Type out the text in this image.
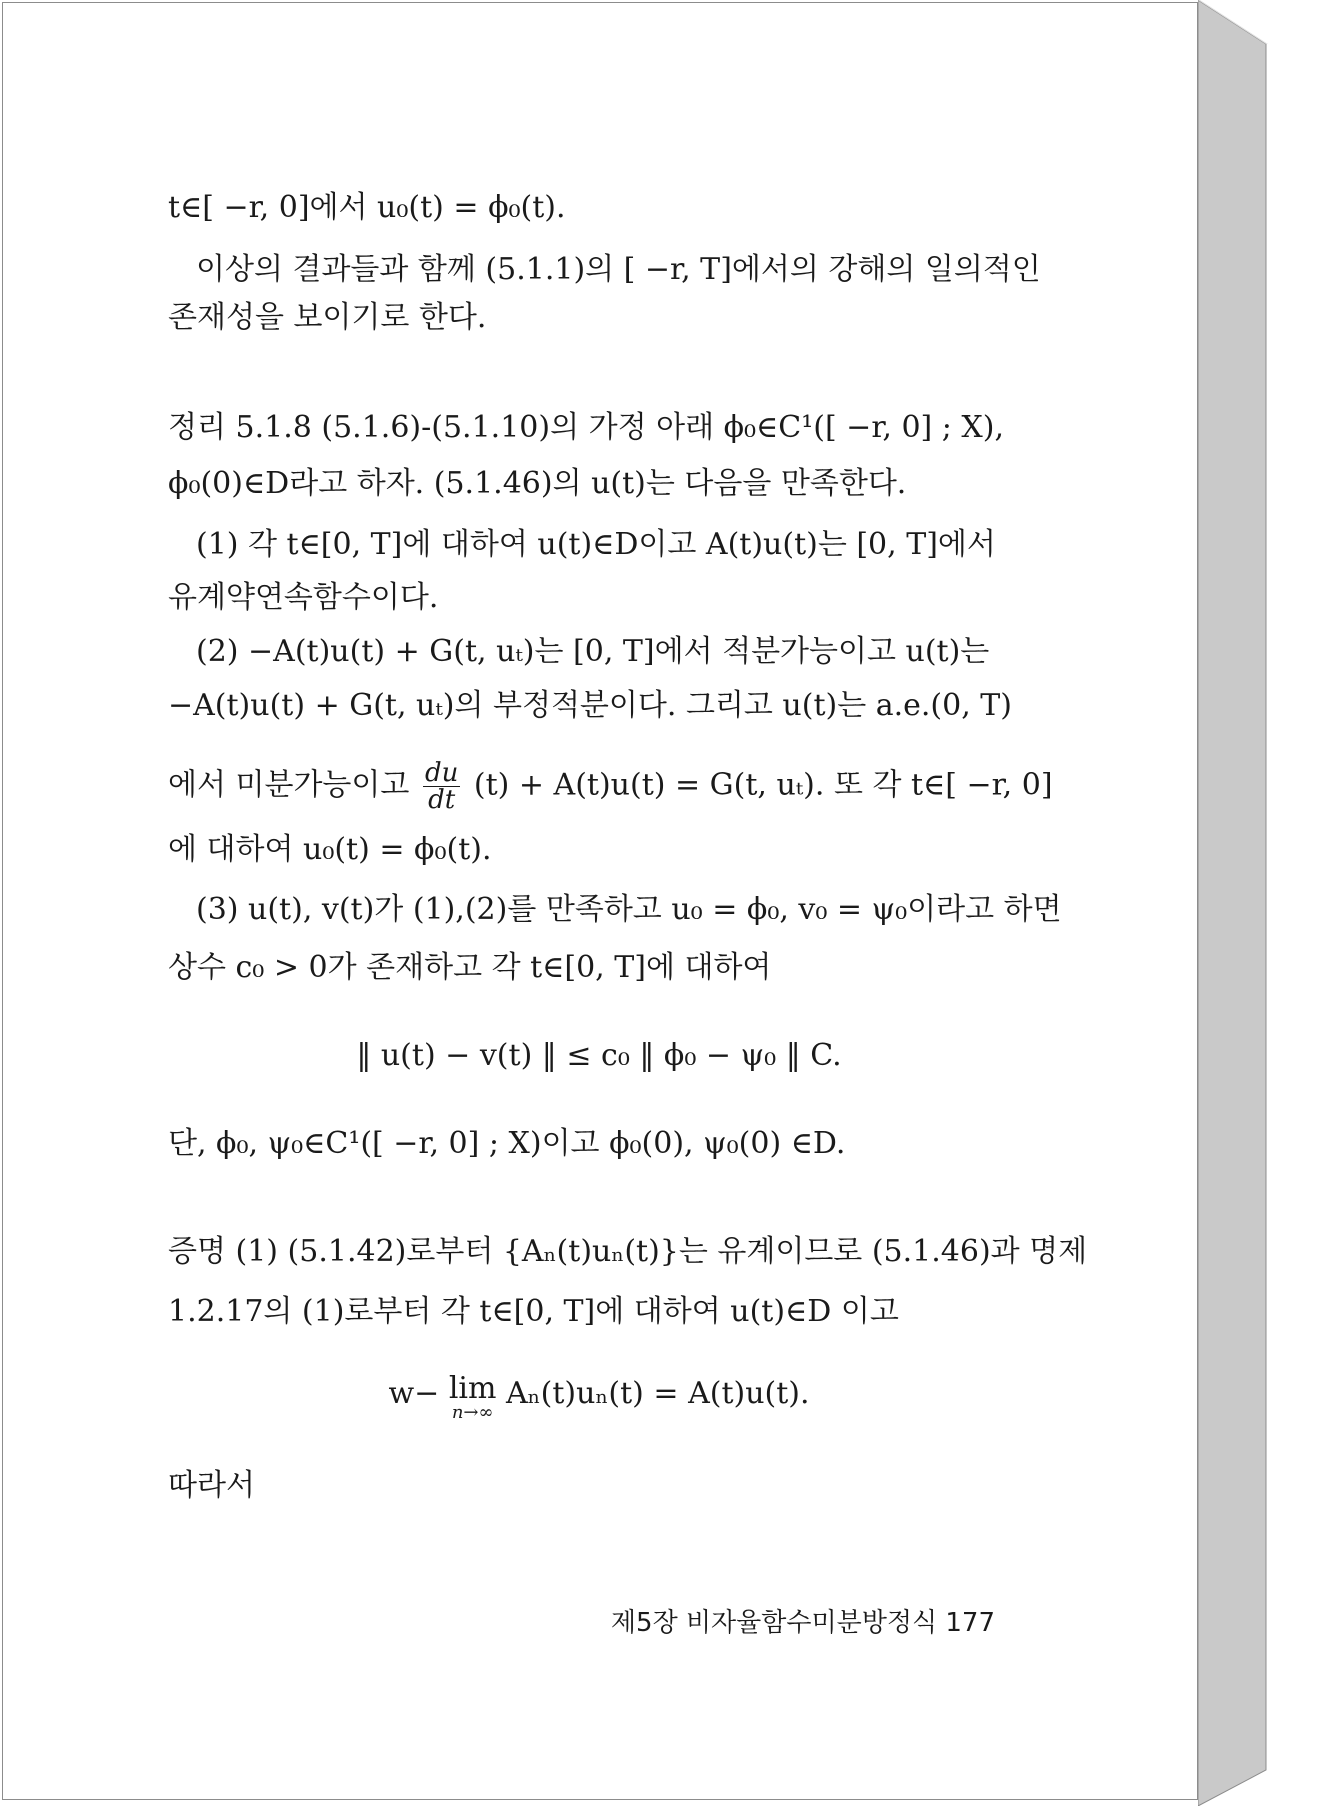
t∈[ −r, 0]에서 u₀(t) = ϕ₀(t).
이상의 결과들과 함께 (5.1.1)의 [ −r, T]에서의 강해의 일의적인
존재성을 보이기로 한다.
정리 5.1.8 (5.1.6)-(5.1.10)의 가정 아래 ϕ₀∈C¹([ −r, 0] ; X),
ϕ₀(0)∈D라고 하자. (5.1.46)의 u(t)는 다음을 만족한다.
(1) 각 t∈[0, T]에 대하여 u(t)∈D이고 A(t)u(t)는 [0, T]에서
유계약연속함수이다.
(2) −A(t)u(t) + G(t, uₜ)는 [0, T]에서 적분가능이고 u(t)는
−A(t)u(t) + G(t, uₜ)의 부정적분이다. 그리고 u(t)는 a.e.(0, T)
에서 미분가능이고 $\frac{du}{dt} (t) + A(t)u(t) = G(t$, uₜ). 또 각 t∈[ −r, 0]
에 대하여 u₀(t) = ϕ₀(t).
(3) u(t), v(t)가 (1),(2)를 만족하고 u₀ = ϕ₀, v₀ = ψ₀이라고 하면
상수 c₀ > 0가 존재하고 각 t∈[0, T]에 대하여
‖ u(t) − v(t) ‖ ≤ c₀ ‖ ϕ₀ − ψ₀ ‖ C.
단, ϕ₀, ψ₀∈C¹([ −r, 0] ; X)이고 ϕ₀(0), ψ₀(0) ∈D.
증명 (1) (5.1.42)로부터 {Aₙ(t)uₙ(t)}는 유계이므로 (5.1.46)과 명제
1.2.17의 (1)로부터 각 t∈[0, T]에 대하여 u(t)∈D 이고
w− lim
n→∞
Aₙ(t)uₙ(t) = A(t)u(t).
따라서
제5장 비자율함수미분방정식 177
